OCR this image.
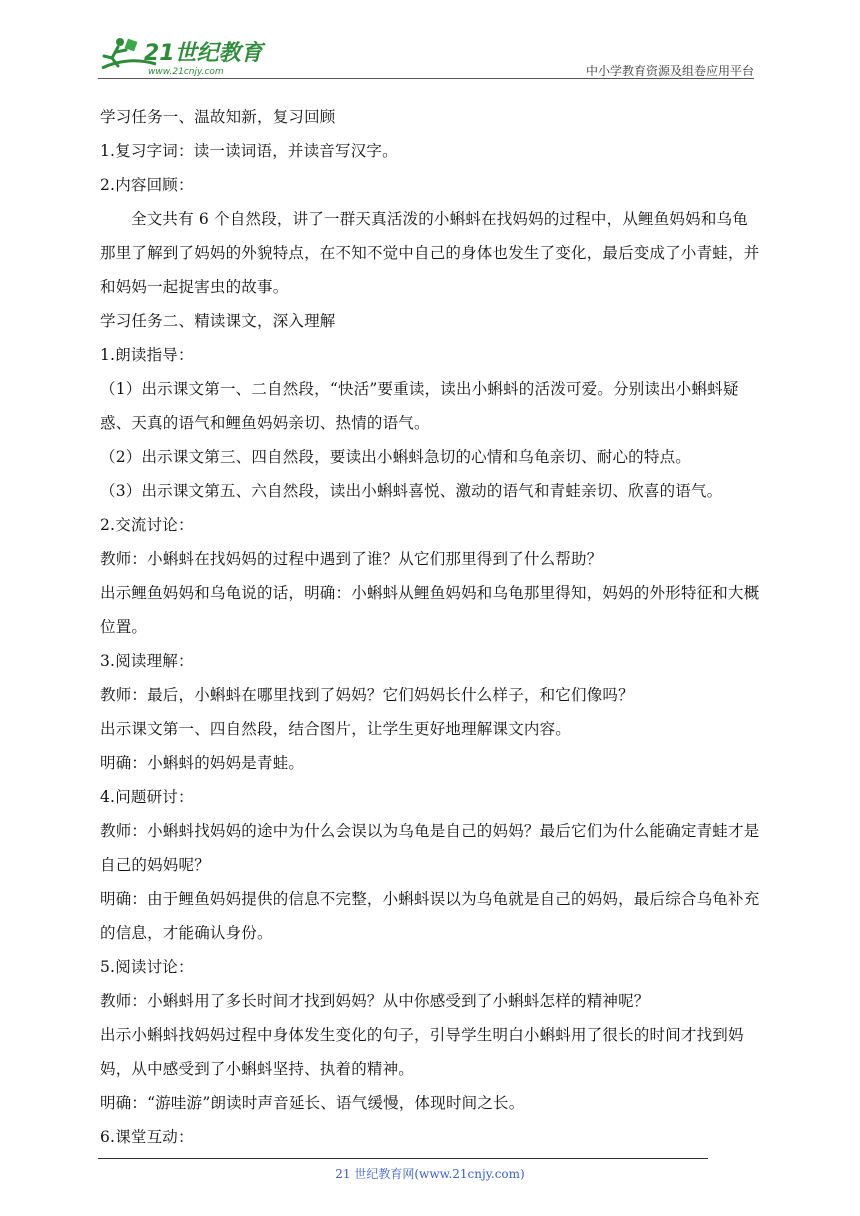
21世纪教育
www.21cnjy.com	中小学教育资源及组卷应用平台
学习任务一、温故知新，复习回顾
1.复习字词：读一读词语，并读音写汉字。
2.内容回顾：
全文共有 6 个自然段，讲了一群天真活泼的小蝌蚪在找妈妈的过程中，从鲤鱼妈妈和乌龟那里了解到了妈妈的外貌特点，在不知不觉中自己的身体也发生了变化，最后变成了小青蛙，并和妈妈一起捉害虫的故事。
学习任务二、精读课文，深入理解
1.朗读指导：
（1）出示课文第一、二自然段，“快活”要重读，读出小蝌蚪的活泼可爱。分别读出小蝌蚪疑惑、天真的语气和鲤鱼妈妈亲切、热情的语气。
（2）出示课文第三、四自然段，要读出小蝌蚪急切的心情和乌龟亲切、耐心的特点。
（3）出示课文第五、六自然段，读出小蝌蚪喜悦、激动的语气和青蛙亲切、欣喜的语气。
2.交流讨论：
教师：小蝌蚪在找妈妈的过程中遇到了谁？从它们那里得到了什么帮助？
出示鲤鱼妈妈和乌龟说的话，明确：小蝌蚪从鲤鱼妈妈和乌龟那里得知，妈妈的外形特征和大概位置。
3.阅读理解：
教师：最后，小蝌蚪在哪里找到了妈妈？它们妈妈长什么样子，和它们像吗？
出示课文第一、四自然段，结合图片，让学生更好地理解课文内容。
明确：小蝌蚪的妈妈是青蛙。
4.问题研讨：
教师：小蝌蚪找妈妈的途中为什么会误以为乌龟是自己的妈妈？最后它们为什么能确定青蛙才是自己的妈妈呢？
明确：由于鲤鱼妈妈提供的信息不完整，小蝌蚪误以为乌龟就是自己的妈妈，最后综合乌龟补充的信息，才能确认身份。
5.阅读讨论：
教师：小蝌蚪用了多长时间才找到妈妈？从中你感受到了小蝌蚪怎样的精神呢？
出示小蝌蚪找妈妈过程中身体发生变化的句子，引导学生明白小蝌蚪用了很长的时间才找到妈妈，从中感受到了小蝌蚪坚持、执着的精神。
明确：“游哇游”朗读时声音延长、语气缓慢，体现时间之长。
6.课堂互动：
21 世纪教育网(www.21cnjy.com)
